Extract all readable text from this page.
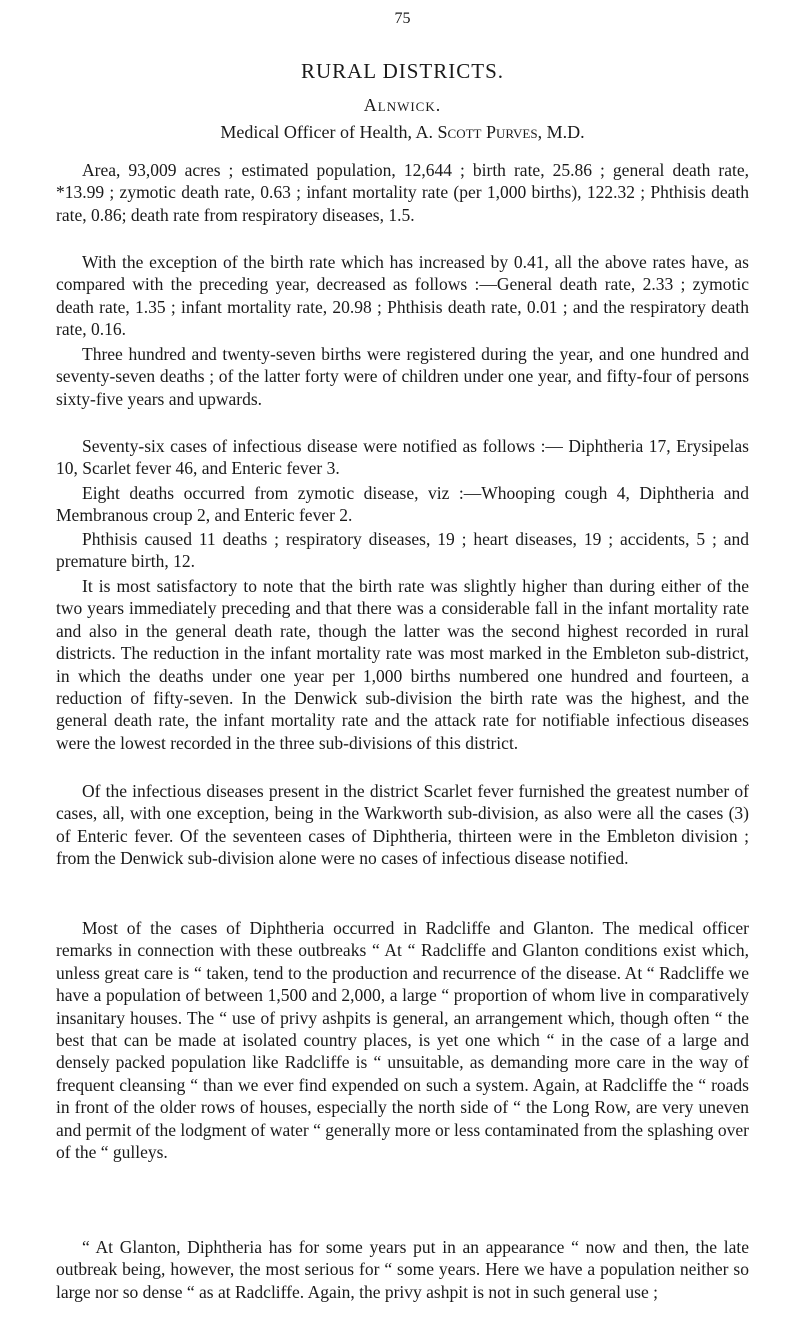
75
RURAL DISTRICTS.
Alnwick.
Medical Officer of Health, A. Scott Purves, M.D.

Area, 93,009 acres ; estimated population, 12,644 ; birth rate, 25.86 ; general death rate, *13.99 ; zymotic death rate, 0.63 ; infant mortality rate (per 1,000 births), 122.32 ; Phthisis death rate, 0.86; death rate from respiratory diseases, 1.5.

With the exception of the birth rate which has increased by 0.41, all the above rates have, as compared with the preceding year, decreased as follows :—General death rate, 2.33 ; zymotic death rate, 1.35 ; infant mortality rate, 20.98 ; Phthisis death rate, 0.01 ; and the respiratory death rate, 0.16.

Three hundred and twenty-seven births were registered during the year, and one hundred and seventy-seven deaths ; of the latter forty were of children under one year, and fifty-four of persons sixty-five years and upwards.

Seventy-six cases of infectious disease were notified as follows :— Diphtheria 17, Erysipelas 10, Scarlet fever 46, and Enteric fever 3.

Eight deaths occurred from zymotic disease, viz :—Whooping cough 4, Diphtheria and Membranous croup 2, and Enteric fever 2.

Phthisis caused 11 deaths ; respiratory diseases, 19 ; heart diseases, 19 ; accidents, 5 ; and premature birth, 12.

It is most satisfactory to note that the birth rate was slightly higher than during either of the two years immediately preceding and that there was a considerable fall in the infant mortality rate and also in the general death rate, though the latter was the second highest recorded in rural districts. The reduction in the infant mortality rate was most marked in the Embleton sub-district, in which the deaths under one year per 1,000 births numbered one hundred and fourteen, a reduction of fifty-seven. In the Denwick sub-division the birth rate was the highest, and the general death rate, the infant mortality rate and the attack rate for notifiable infectious diseases were the lowest recorded in the three sub-divisions of this district.

Of the infectious diseases present in the district Scarlet fever furnished the greatest number of cases, all, with one exception, being in the Warkworth sub-division, as also were all the cases (3) of Enteric fever. Of the seventeen cases of Diphtheria, thirteen were in the Embleton division ; from the Denwick sub-division alone were no cases of infectious disease notified.

Most of the cases of Diphtheria occurred in Radcliffe and Glanton. The medical officer remarks in connection with these outbreaks “ At “ Radcliffe and Glanton conditions exist which, unless great care is “ taken, tend to the production and recurrence of the disease. At “ Radcliffe we have a population of between 1,500 and 2,000, a large “ proportion of whom live in comparatively insanitary houses. The “ use of privy ashpits is general, an arrangement which, though often “ the best that can be made at isolated country places, is yet one which “ in the case of a large and densely packed population like Radcliffe is “ unsuitable, as demanding more care in the way of frequent cleansing “ than we ever find expended on such a system. Again, at Radcliffe the “ roads in front of the older rows of houses, especially the north side of “ the Long Row, are very uneven and permit of the lodgment of water “ generally more or less contaminated from the splashing over of the “ gulleys.

“ At Glanton, Diphtheria has for some years put in an appearance “ now and then, the late outbreak being, however, the most serious for “ some years. Here we have a population neither so large nor so dense “ as at Radcliffe. Again, the privy ashpit is not in such general use ;
